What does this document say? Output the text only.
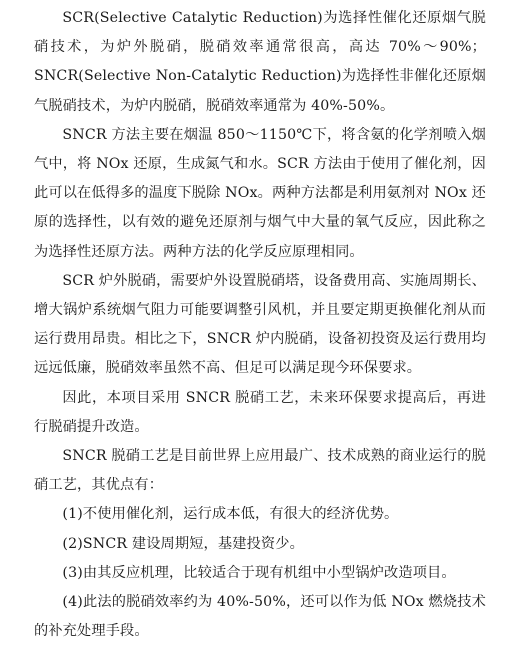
SCR(Selective Catalytic Reduction)为选择性催化还原烟气脱硝技术，为炉外脱硝，脱硝效率通常很高，高达 70%～90%；SNCR(Selective Non-Catalytic Reduction)为选择性非催化还原烟气脱硝技术，为炉内脱硝，脱硝效率通常为 40%-50%。

SNCR 方法主要在烟温 850～1150℃下，将含氨的化学剂喷入烟气中，将 NOx 还原，生成氮气和水。SCR 方法由于使用了催化剂，因此可以在低得多的温度下脱除 NOx。两种方法都是利用氨剂对 NOx 还原的选择性，以有效的避免还原剂与烟气中大量的氧气反应，因此称之为选择性还原方法。两种方法的化学反应原理相同。

SCR 炉外脱硝，需要炉外设置脱硝塔，设备费用高、实施周期长、增大锅炉系统烟气阻力可能要调整引风机，并且要定期更换催化剂从而运行费用昂贵。相比之下，SNCR 炉内脱硝，设备初投资及运行费用均远远低廉，脱硝效率虽然不高、但足可以满足现今环保要求。

因此，本项目采用 SNCR 脱硝工艺，未来环保要求提高后，再进行脱硝提升改造。

SNCR 脱硝工艺是目前世界上应用最广、技术成熟的商业运行的脱硝工艺，其优点有：

(1)不使用催化剂，运行成本低，有很大的经济优势。

(2)SNCR 建设周期短，基建投资少。

(3)由其反应机理，比较适合于现有机组中小型锅炉改造项目。

(4)此法的脱硝效率约为 40%-50%，还可以作为低 NOx 燃烧技术的补充处理手段。
